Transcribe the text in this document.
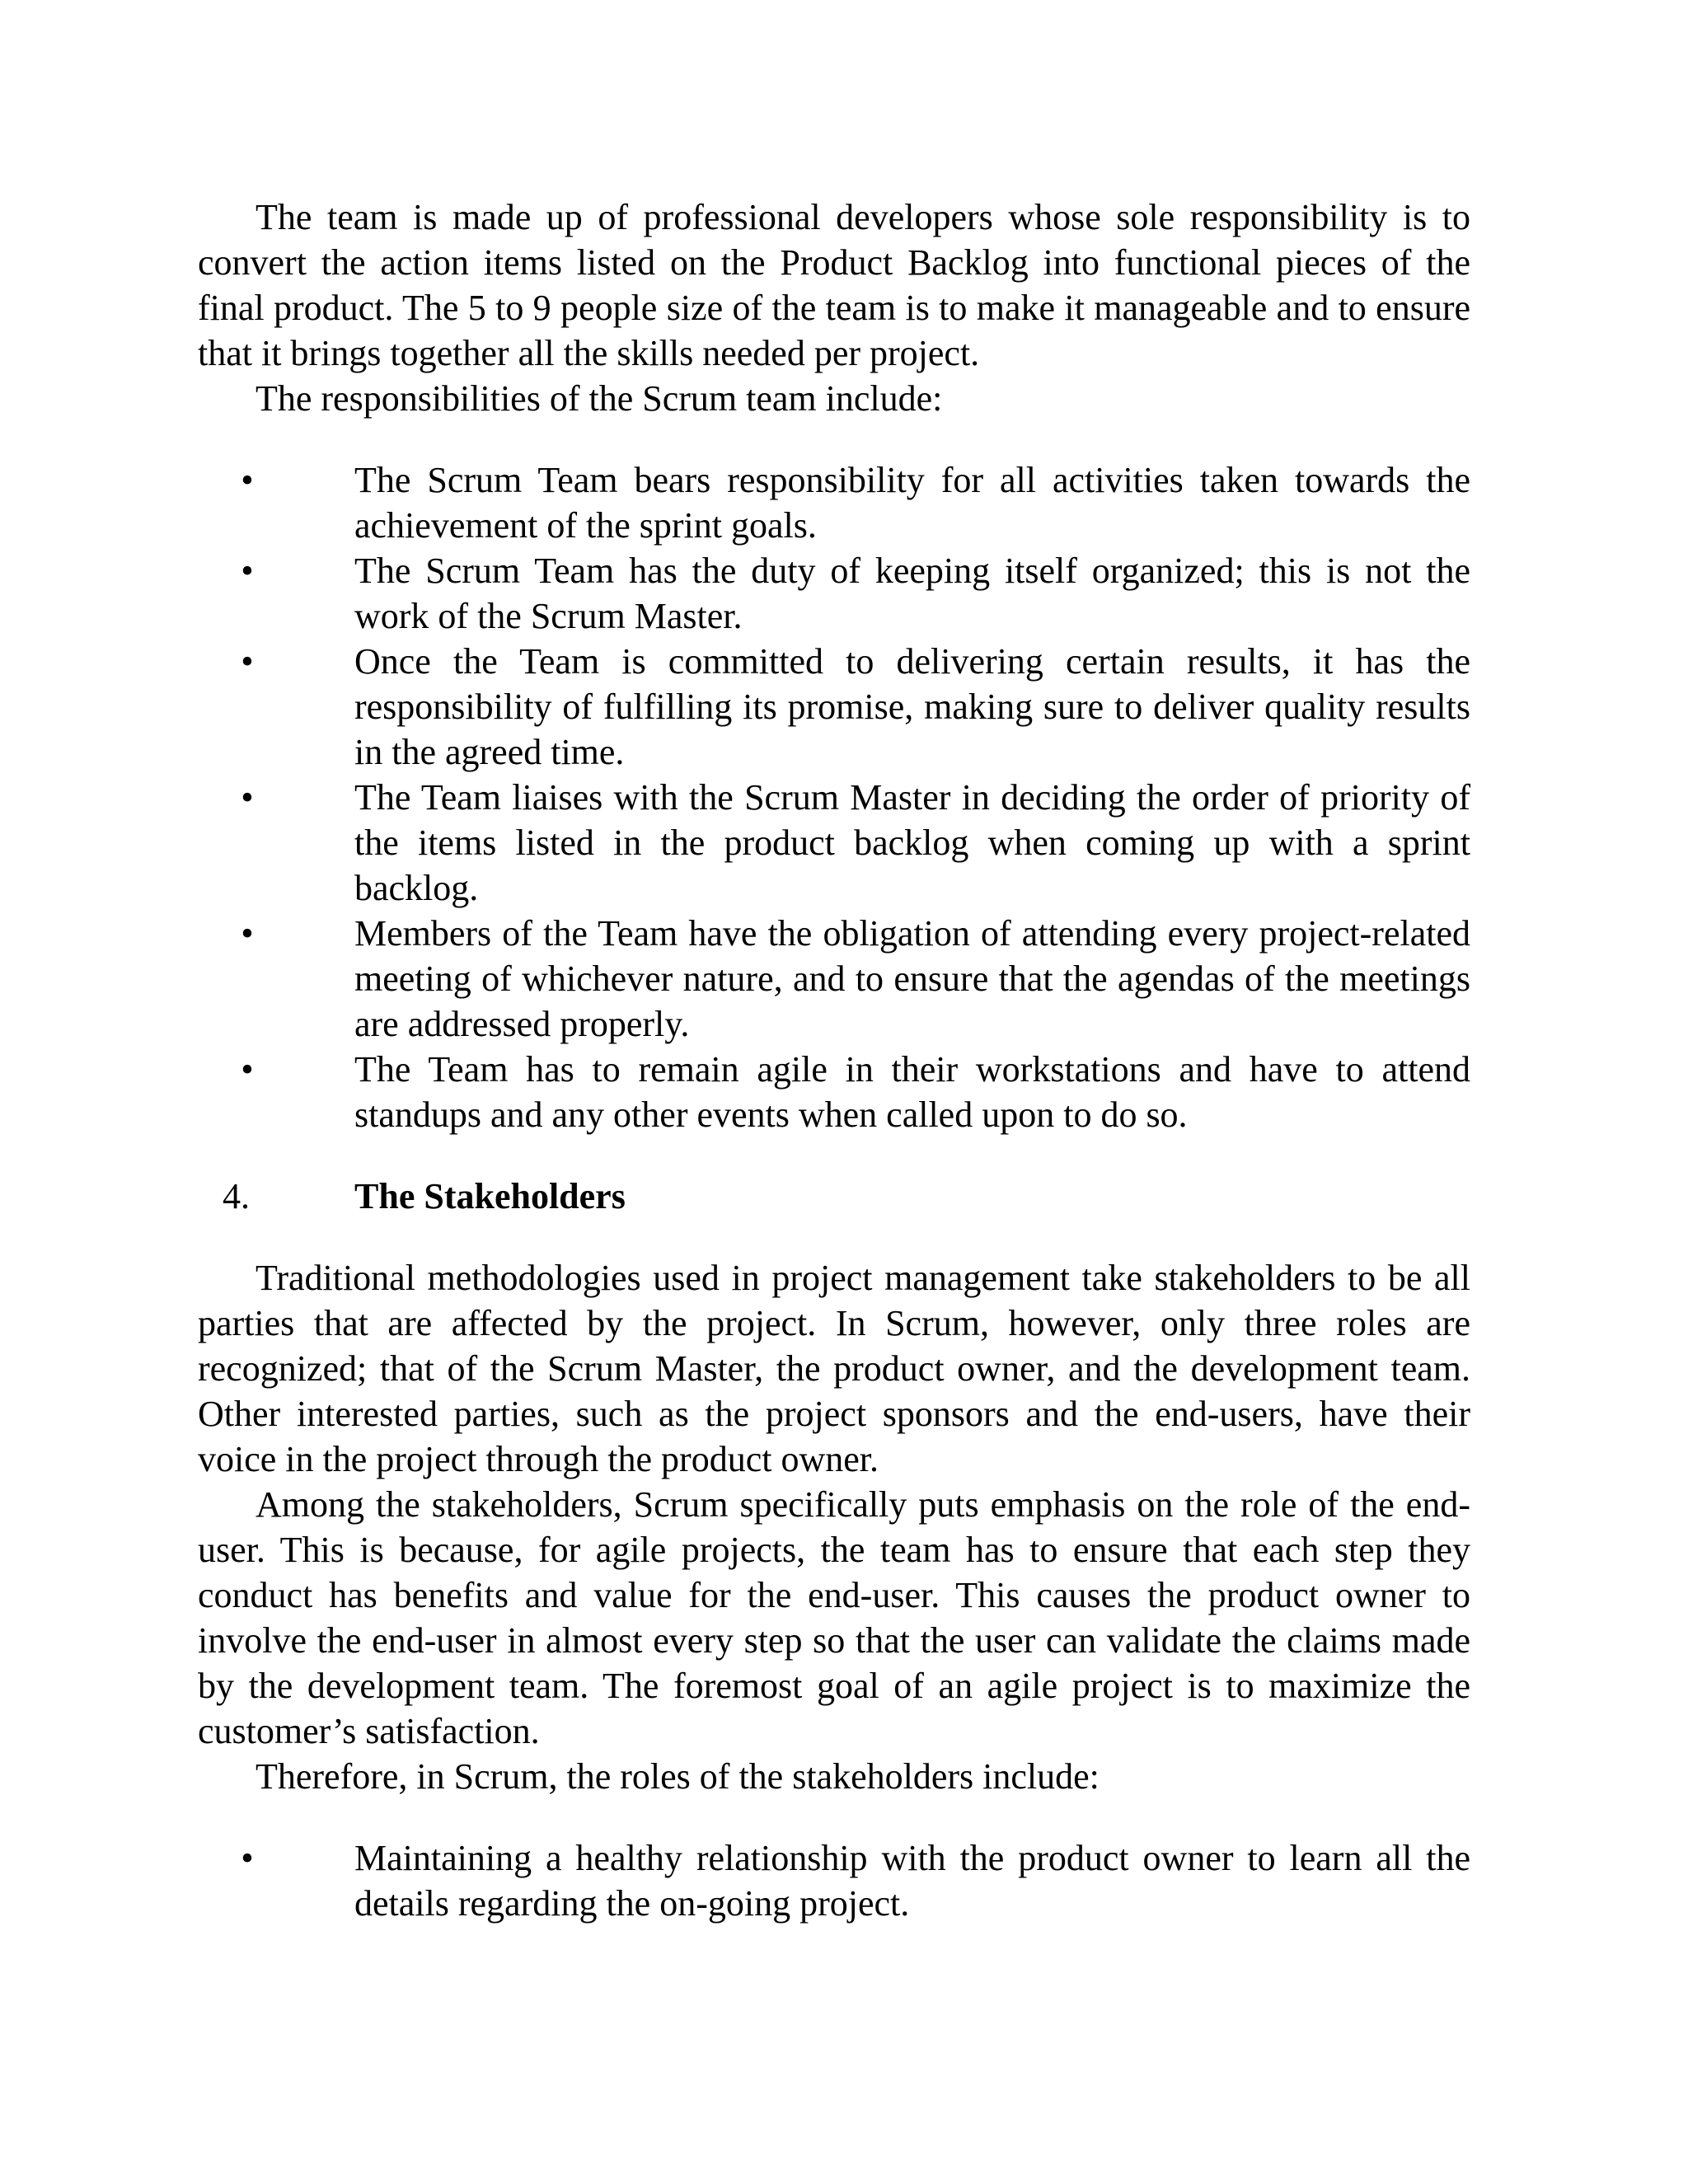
The team is made up of professional developers whose sole responsibility is to convert the action items listed on the Product Backlog into functional pieces of the final product. The 5 to 9 people size of the team is to make it manageable and to ensure that it brings together all the skills needed per project.

The responsibilities of the Scrum team include:

•	The Scrum Team bears responsibility for all activities taken towards the achievement of the sprint goals.
•	The Scrum Team has the duty of keeping itself organized; this is not the work of the Scrum Master.
•	Once the Team is committed to delivering certain results, it has the responsibility of fulfilling its promise, making sure to deliver quality results in the agreed time.
•	The Team liaises with the Scrum Master in deciding the order of priority of the items listed in the product backlog when coming up with a sprint backlog.
•	Members of the Team have the obligation of attending every project-related meeting of whichever nature, and to ensure that the agendas of the meetings are addressed properly.
•	The Team has to remain agile in their workstations and have to attend standups and any other events when called upon to do so.
4.	The Stakeholders

Traditional methodologies used in project management take stakeholders to be all parties that are affected by the project. In Scrum, however, only three roles are recognized; that of the Scrum Master, the product owner, and the development team. Other interested parties, such as the project sponsors and the end-users, have their voice in the project through the product owner.

Among the stakeholders, Scrum specifically puts emphasis on the role of the end-user. This is because, for agile projects, the team has to ensure that each step they conduct has benefits and value for the end-user. This causes the product owner to involve the end-user in almost every step so that the user can validate the claims made by the development team. The foremost goal of an agile project is to maximize the customer’s satisfaction.

Therefore, in Scrum, the roles of the stakeholders include:

•	Maintaining a healthy relationship with the product owner to learn all the details regarding the on-going project.
